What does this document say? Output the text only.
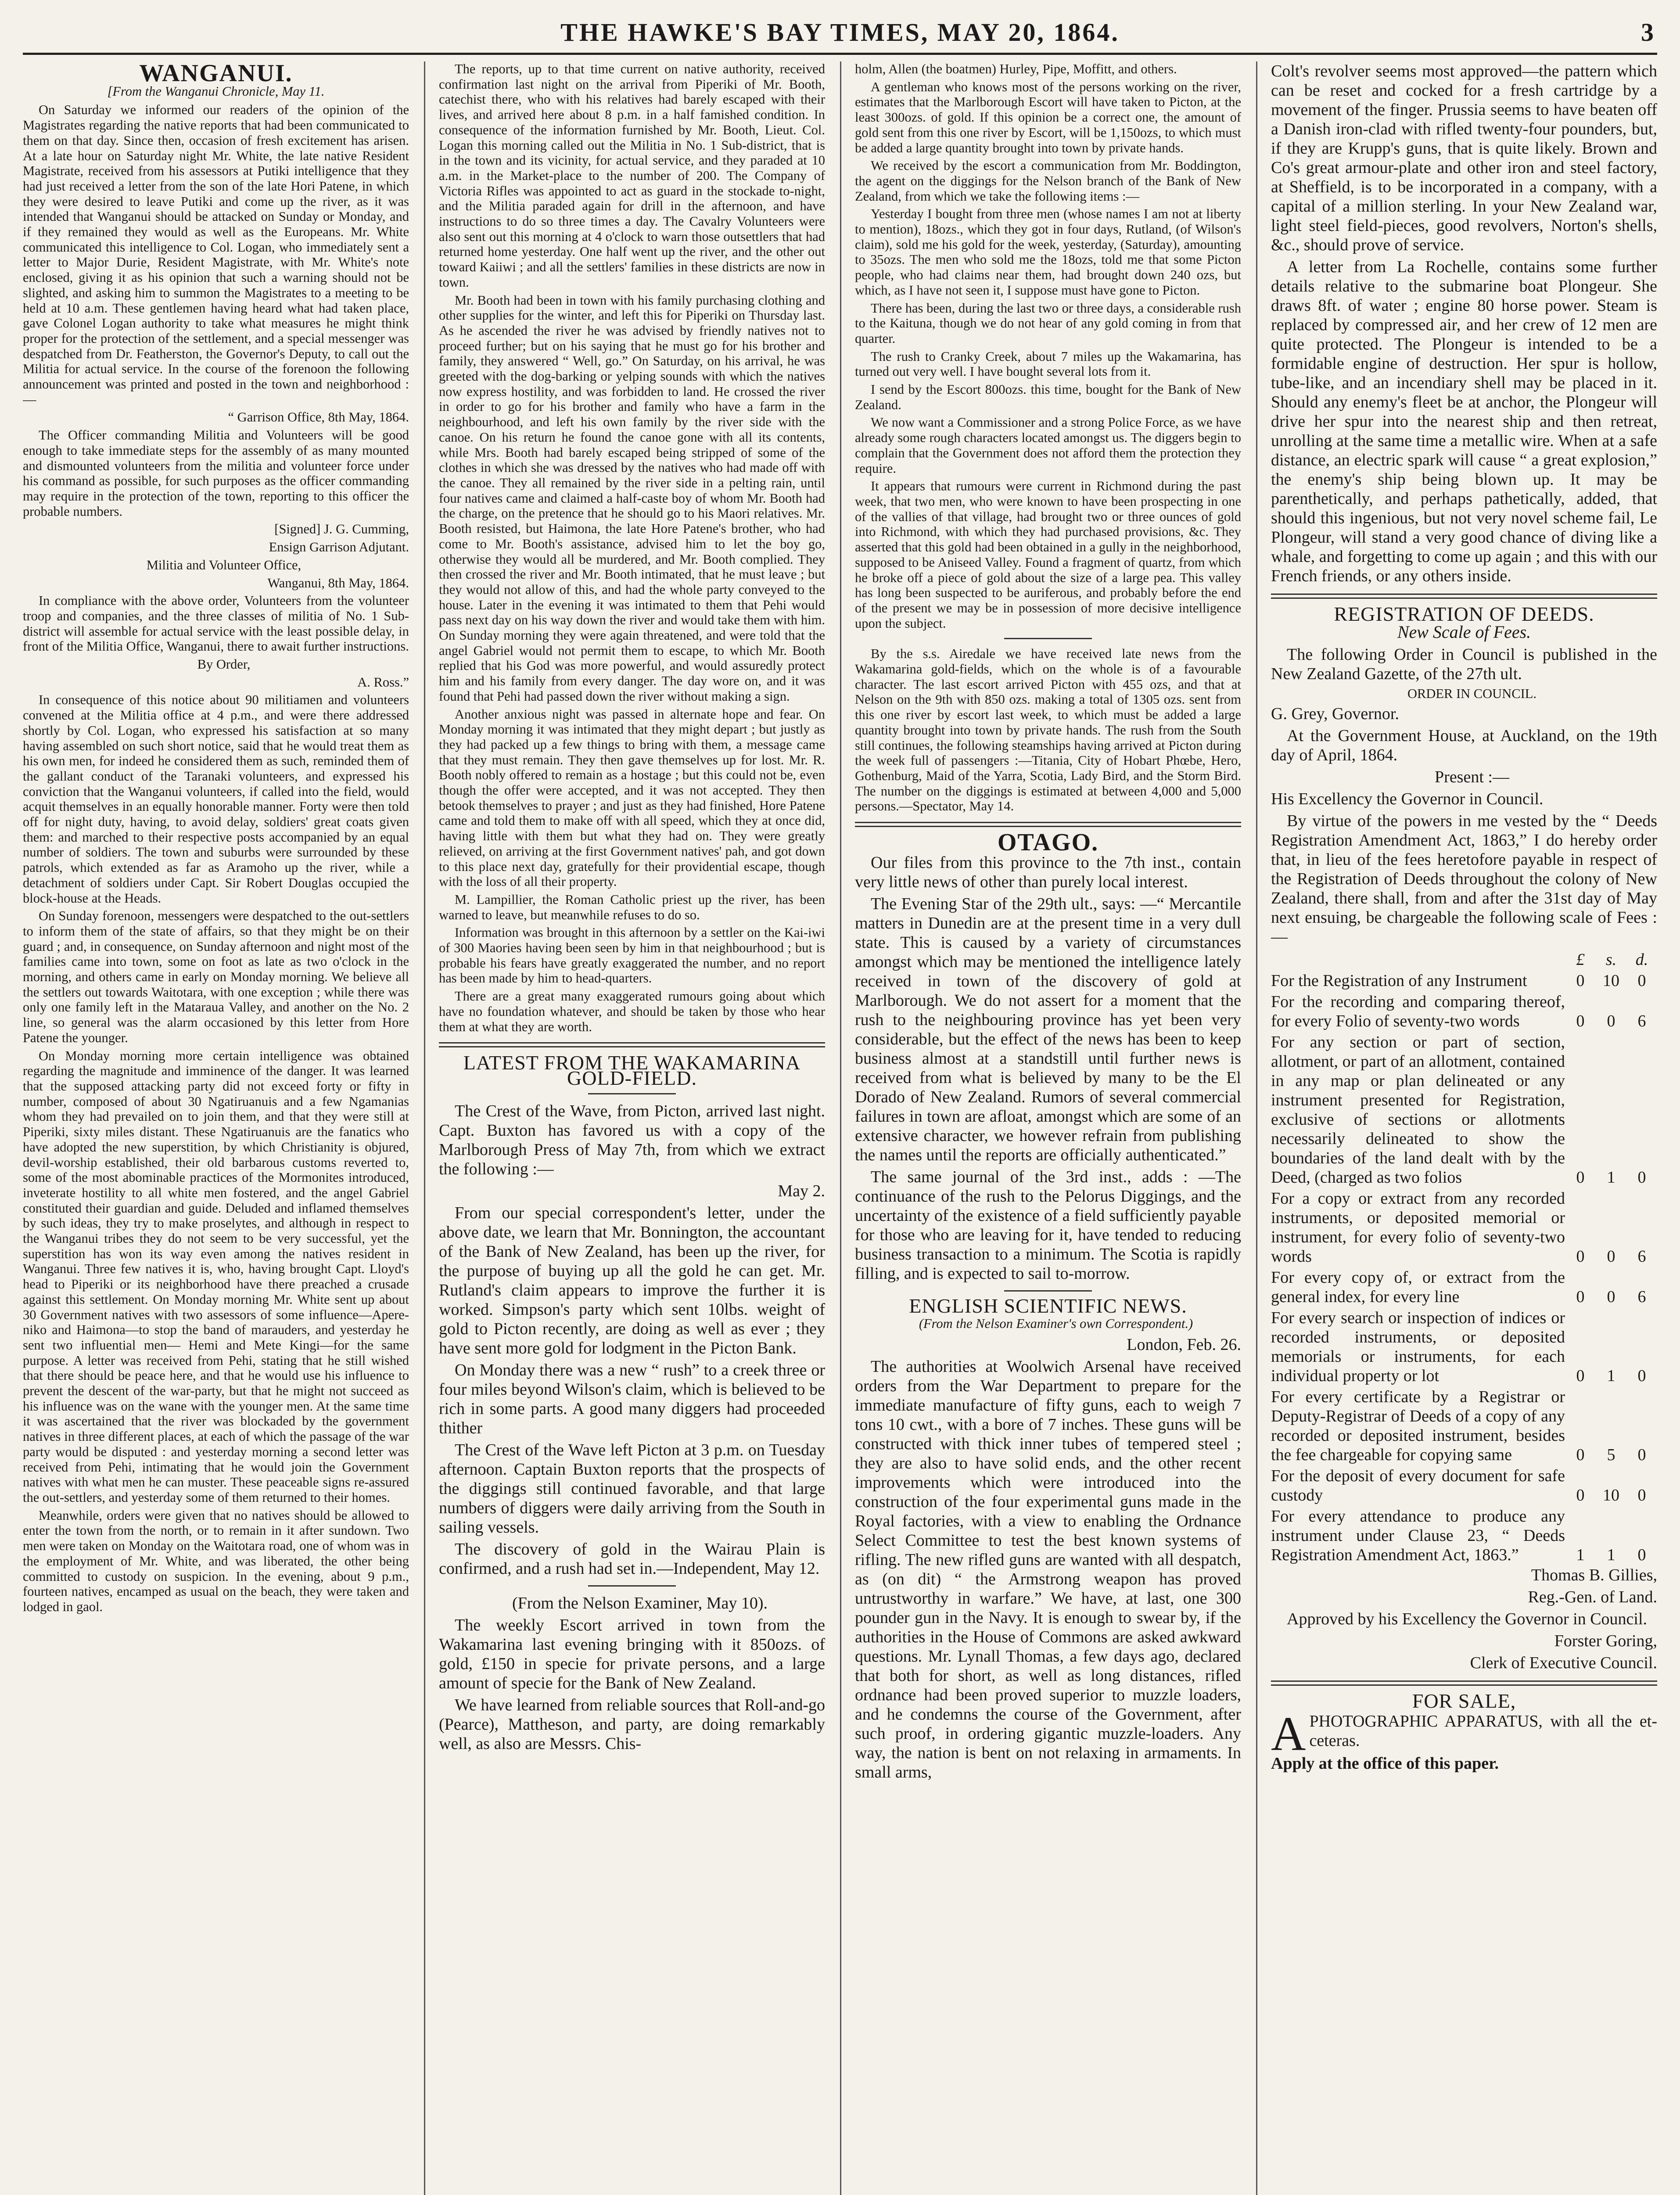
THE HAWKE'S BAY TIMES, MAY 20, 1864.	3
WANGANUI.
[From the Wanganui Chronicle, May 11.

On Saturday we informed our readers of the opinion of the Magistrates regarding the native reports that had been communicated to them on that day. Since then, occasion of fresh excitement has arisen. At a late hour on Saturday night Mr. White, the late native Resident Magistrate, received from his assessors at Putiki intelligence that they had just received a letter from the son of the late Hori Patene, in which they were desired to leave Putiki and come up the river, as it was intended that Wanganui should be attacked on Sunday or Monday, and if they remained they would as well as the Europeans. Mr. White communicated this intelligence to Col. Logan, who immediately sent a letter to Major Durie, Resident Magistrate, with Mr. White's note enclosed, giving it as his opinion that such a warning should not be slighted, and asking him to summon the Magistrates to a meeting to be held at 10 a.m. These gentlemen having heard what had taken place, gave Colonel Logan authority to take what measures he might think proper for the protection of the settlement, and a special messenger was despatched from Dr. Featherston, the Governor's Deputy, to call out the Militia for actual service. In the course of the forenoon the following announcement was printed and posted in the town and neighborhood :—

“ Garrison Office, 8th May, 1864.

The Officer commanding Militia and Volunteers will be good enough to take immediate steps for the assembly of as many mounted and dismounted volunteers from the militia and volunteer force under his command as possible, for such purposes as the officer commanding may require in the protection of the town, reporting to this officer the probable numbers.

[Signed] J. G. Cumming,

Ensign Garrison Adjutant.

Militia and Volunteer Office,

Wanganui, 8th May, 1864.

In compliance with the above order, Volunteers from the volunteer troop and companies, and the three classes of militia of No. 1 Sub-district will assemble for actual service with the least possible delay, in front of the Militia Office, Wanganui, there to await further instructions.

By Order,

A. Ross.”

In consequence of this notice about 90 militiamen and volunteers convened at the Militia office at 4 p.m., and were there addressed shortly by Col. Logan, who expressed his satisfaction at so many having assembled on such short notice, said that he would treat them as his own men, for indeed he considered them as such, reminded them of the gallant conduct of the Taranaki volunteers, and expressed his conviction that the Wanganui volunteers, if called into the field, would acquit themselves in an equally honorable manner. Forty were then told off for night duty, having, to avoid delay, soldiers' great coats given them: and marched to their respective posts accompanied by an equal number of soldiers. The town and suburbs were surrounded by these patrols, which extended as far as Aramoho up the river, while a detachment of soldiers under Capt. Sir Robert Douglas occupied the block-house at the Heads.

On Sunday forenoon, messengers were despatched to the out-settlers to inform them of the state of affairs, so that they might be on their guard ; and, in consequence, on Sunday afternoon and night most of the families came into town, some on foot as late as two o'clock in the morning, and others came in early on Monday morning. We believe all the settlers out towards Waitotara, with one exception ; while there was only one family left in the Mataraua Valley, and another on the No. 2 line, so general was the alarm occasioned by this letter from Hore Patene the younger.

On Monday morning more certain intelligence was obtained regarding the magnitude and imminence of the danger. It was learned that the supposed attacking party did not exceed forty or fifty in number, composed of about 30 Ngatiruanuis and a few Ngamanias whom they had prevailed on to join them, and that they were still at Piperiki, sixty miles distant. These Ngatiruanuis are the fanatics who have adopted the new superstition, by which Christianity is objured, devil-worship established, their old barbarous customs reverted to, some of the most abominable practices of the Mormonites introduced, inveterate hostility to all white men fostered, and the angel Gabriel constituted their guardian and guide. Deluded and inflamed themselves by such ideas, they try to make proselytes, and although in respect to the Wanganui tribes they do not seem to be very successful, yet the superstition has won its way even among the natives resident in Wanganui. Three few natives it is, who, having brought Capt. Lloyd's head to Piperiki or its neighborhood have there preached a crusade against this settlement. On Monday morning Mr. White sent up about 30 Government natives with two assessors of some influence—Apere-niko and Haimona—to stop the band of marauders, and yesterday he sent two influential men— Hemi and Mete Kingi—for the same purpose. A letter was received from Pehi, stating that he still wished that there should be peace here, and that he would use his influence to prevent the descent of the war-party, but that he might not succeed as his influence was on the wane with the younger men. At the same time it was ascertained that the river was blockaded by the government natives in three different places, at each of which the passage of the war party would be disputed : and yesterday morning a second letter was received from Pehi, intimating that he would join the Government natives with what men he can muster. These peaceable signs re-assured the out-settlers, and yesterday some of them returned to their homes.

Meanwhile, orders were given that no natives should be allowed to enter the town from the north, or to remain in it after sundown. Two men were taken on Monday on the Waitotara road, one of whom was in the employment of Mr. White, and was liberated, the other being committed to custody on suspicion. In the evening, about 9 p.m., fourteen natives, encamped as usual on the beach, they were taken and lodged in gaol.

The reports, up to that time current on native authority, received confirmation last night on the arrival from Piperiki of Mr. Booth, catechist there, who with his relatives had barely escaped with their lives, and arrived here about 8 p.m. in a half famished condition. In consequence of the information furnished by Mr. Booth, Lieut. Col. Logan this morning called out the Militia in No. 1 Sub-district, that is in the town and its vicinity, for actual service, and they paraded at 10 a.m. in the Market-place to the number of 200. The Company of Victoria Rifles was appointed to act as guard in the stockade to-night, and the Militia paraded again for drill in the afternoon, and have instructions to do so three times a day. The Cavalry Volunteers were also sent out this morning at 4 o'clock to warn those outsettlers that had returned home yesterday. One half went up the river, and the other out toward Kaiiwi ; and all the settlers' families in these districts are now in town.

Mr. Booth had been in town with his family purchasing clothing and other supplies for the winter, and left this for Piperiki on Thursday last. As he ascended the river he was advised by friendly natives not to proceed further; but on his saying that he must go for his brother and family, they answered “ Well, go.” On Saturday, on his arrival, he was greeted with the dog-barking or yelping sounds with which the natives now express hostility, and was forbidden to land. He crossed the river in order to go for his brother and family who have a farm in the neighbourhood, and left his own family by the river side with the canoe. On his return he found the canoe gone with all its contents, while Mrs. Booth had barely escaped being stripped of some of the clothes in which she was dressed by the natives who had made off with the canoe. They all remained by the river side in a pelting rain, until four natives came and claimed a half-caste boy of whom Mr. Booth had the charge, on the pretence that he should go to his Maori relatives. Mr. Booth resisted, but Haimona, the late Hore Patene's brother, who had come to Mr. Booth's assistance, advised him to let the boy go, otherwise they would all be murdered, and Mr. Booth complied. They then crossed the river and Mr. Booth intimated, that he must leave ; but they would not allow of this, and had the whole party conveyed to the house. Later in the evening it was intimated to them that Pehi would pass next day on his way down the river and would take them with him. On Sunday morning they were again threatened, and were told that the angel Gabriel would not permit them to escape, to which Mr. Booth replied that his God was more powerful, and would assuredly protect him and his family from every danger. The day wore on, and it was found that Pehi had passed down the river without making a sign.

Another anxious night was passed in alternate hope and fear. On Monday morning it was intimated that they might depart ; but justly as they had packed up a few things to bring with them, a message came that they must remain. They then gave themselves up for lost. Mr. R. Booth nobly offered to remain as a hostage ; but this could not be, even though the offer were accepted, and it was not accepted. They then betook themselves to prayer ; and just as they had finished, Hore Patene came and told them to make off with all speed, which they at once did, having little with them but what they had on. They were greatly relieved, on arriving at the first Government natives' pah, and got down to this place next day, gratefully for their providential escape, though with the loss of all their property.

M. Lampillier, the Roman Catholic priest up the river, has been warned to leave, but meanwhile refuses to do so.

Information was brought in this afternoon by a settler on the Kai-iwi of 300 Maories having been seen by him in that neighbourhood ; but is probable his fears have greatly exaggerated the number, and no report has been made by him to head-quarters.

There are a great many exaggerated rumours going about which have no foundation whatever, and should be taken by those who hear them at what they are worth.

LATEST FROM THE WAKAMARINA GOLD-FIELD.

The Crest of the Wave, from Picton, arrived last night. Capt. Buxton has favored us with a copy of the Marlborough Press of May 7th, from which we extract the following :—

May 2.

From our special correspondent's letter, under the above date, we learn that Mr. Bonnington, the accountant of the Bank of New Zealand, has been up the river, for the purpose of buying up all the gold he can get. Mr. Rutland's claim appears to improve the further it is worked. Simpson's party which sent 10lbs. weight of gold to Picton recently, are doing as well as ever ; they have sent more gold for lodgment in the Picton Bank.

On Monday there was a new “ rush” to a creek three or four miles beyond Wilson's claim, which is believed to be rich in some parts. A good many diggers had proceeded thither

The Crest of the Wave left Picton at 3 p.m. on Tuesday afternoon. Captain Buxton reports that the prospects of the diggings still continued favorable, and that large numbers of diggers were daily arriving from the South in sailing vessels.

The discovery of gold in the Wairau Plain is confirmed, and a rush had set in.—Independent, May 12.

(From the Nelson Examiner, May 10).

The weekly Escort arrived in town from the Wakamarina last evening bringing with it 850ozs. of gold, £150 in specie for private persons, and a large amount of specie for the Bank of New Zealand.

We have learned from reliable sources that Roll-and-go (Pearce), Mattheson, and party, are doing remarkably well, as also are Messrs. Chis-

holm, Allen (the boatmen) Hurley, Pipe, Moffitt, and others.

A gentleman who knows most of the persons working on the river, estimates that the Marlborough Escort will have taken to Picton, at the least 300ozs. of gold. If this opinion be a correct one, the amount of gold sent from this one river by Escort, will be 1,150ozs, to which must be added a large quantity brought into town by private hands.

We received by the escort a communication from Mr. Boddington, the agent on the diggings for the Nelson branch of the Bank of New Zealand, from which we take the following items :—

Yesterday I bought from three men (whose names I am not at liberty to mention), 18ozs., which they got in four days, Rutland, (of Wilson's claim), sold me his gold for the week, yesterday, (Saturday), amounting to 35ozs. The men who sold me the 18ozs, told me that some Picton people, who had claims near them, had brought down 240 ozs, but which, as I have not seen it, I suppose must have gone to Picton.

There has been, during the last two or three days, a considerable rush to the Kaituna, though we do not hear of any gold coming in from that quarter.

The rush to Cranky Creek, about 7 miles up the Wakamarina, has turned out very well. I have bought several lots from it.

I send by the Escort 800ozs. this time, bought for the Bank of New Zealand.

We now want a Commissioner and a strong Police Force, as we have already some rough characters located amongst us. The diggers begin to complain that the Government does not afford them the protection they require.

It appears that rumours were current in Richmond during the past week, that two men, who were known to have been prospecting in one of the vallies of that village, had brought two or three ounces of gold into Richmond, with which they had purchased provisions, &c. They asserted that this gold had been obtained in a gully in the neighborhood, supposed to be Aniseed Valley. Found a fragment of quartz, from which he broke off a piece of gold about the size of a large pea. This valley has long been suspected to be auriferous, and probably before the end of the present we may be in possession of more decisive intelligence upon the subject.

By the s.s. Airedale we have received late news from the Wakamarina gold-fields, which on the whole is of a favourable character. The last escort arrived Picton with 455 ozs, and that at Nelson on the 9th with 850 ozs. making a total of 1305 ozs. sent from this one river by escort last week, to which must be added a large quantity brought into town by private hands. The rush from the South still continues, the following steamships having arrived at Picton during the week full of passengers :—Titania, City of Hobart Phœbe, Hero, Gothenburg, Maid of the Yarra, Scotia, Lady Bird, and the Storm Bird. The number on the diggings is estimated at between 4,000 and 5,000 persons.—Spectator, May 14.

OTAGO.

Our files from this province to the 7th inst., contain very little news of other than purely local interest.

The Evening Star of the 29th ult., says: —“ Mercantile matters in Dunedin are at the present time in a very dull state. This is caused by a variety of circumstances amongst which may be mentioned the intelligence lately received in town of the discovery of gold at Marlborough. We do not assert for a moment that the rush to the neighbouring province has yet been very considerable, but the effect of the news has been to keep business almost at a standstill until further news is received from what is believed by many to be the El Dorado of New Zealand. Rumors of several commercial failures in town are afloat, amongst which are some of an extensive character, we however refrain from publishing the names until the reports are officially authenticated.”

The same journal of the 3rd inst., adds : —The continuance of the rush to the Pelorus Diggings, and the uncertainty of the existence of a field sufficiently payable for those who are leaving for it, have tended to reducing business transaction to a minimum. The Scotia is rapidly filling, and is expected to sail to-morrow.

ENGLISH SCIENTIFIC NEWS.

(From the Nelson Examiner's own Correspondent.)

London, Feb. 26.

The authorities at Woolwich Arsenal have received orders from the War Department to prepare for the immediate manufacture of fifty guns, each to weigh 7 tons 10 cwt., with a bore of 7 inches. These guns will be constructed with thick inner tubes of tempered steel ; they are also to have solid ends, and the other recent improvements which were introduced into the construction of the four experimental guns made in the Royal factories, with a view to enabling the Ordnance Select Committee to test the best known systems of rifling. The new rifled guns are wanted with all despatch, as (on dit) “ the Armstrong weapon has proved untrustworthy in warfare.” We have, at last, one 300 pounder gun in the Navy. It is enough to swear by, if the authorities in the House of Commons are asked awkward questions. Mr. Lynall Thomas, a few days ago, declared that both for short, as well as long distances, rifled ordnance had been proved superior to muzzle loaders, and he condemns the course of the Government, after such proof, in ordering gigantic muzzle-loaders. Any way, the nation is bent on not relaxing in armaments. In small arms,

Colt's revolver seems most approved—the pattern which can be reset and cocked for a fresh cartridge by a movement of the finger. Prussia seems to have beaten off a Danish iron-clad with rifled twenty-four pounders, but, if they are Krupp's guns, that is quite likely. Brown and Co's great armour-plate and other iron and steel factory, at Sheffield, is to be incorporated in a company, with a capital of a million sterling. In your New Zealand war, light steel field-pieces, good revolvers, Norton's shells, &c., should prove of service.

A letter from La Rochelle, contains some further details relative to the submarine boat Plongeur. She draws 8ft. of water ; engine 80 horse power. Steam is replaced by compressed air, and her crew of 12 men are quite protected. The Plongeur is intended to be a formidable engine of destruction. Her spur is hollow, tube-like, and an incendiary shell may be placed in it. Should any enemy's fleet be at anchor, the Plongeur will drive her spur into the nearest ship and then retreat, unrolling at the same time a metallic wire. When at a safe distance, an electric spark will cause “ a great explosion,” the enemy's ship being blown up. It may be parenthetically, and perhaps pathetically, added, that should this ingenious, but not very novel scheme fail, Le Plongeur, will stand a very good chance of diving like a whale, and forgetting to come up again ; and this with our French friends, or any others inside.

REGISTRATION OF DEEDS.
New Scale of Fees.

The following Order in Council is published in the New Zealand Gazette, of the 27th ult.

ORDER IN COUNCIL.

G. Grey, Governor.

At the Government House, at Auckland, on the 19th day of April, 1864.

Present :—

His Excellency the Governor in Council.

By virtue of the powers in me vested by the “ Deeds Registration Amendment Act, 1863,” I do hereby order that, in lieu of the fees heretofore payable in respect of the Registration of Deeds throughout the colony of New Zealand, there shall, from and after the 31st day of May next ensuing, be chargeable the following scale of Fees :—

	£	s.	d.
For the Registration of any Instrument	0	10	0
For the recording and comparing thereof, for every Folio of seventy-two words	0	0	6
For any section or part of section, allotment, or part of an allotment, contained in any map or plan delineated or any instrument presented for Registration, exclusive of sections or allotments necessarily delineated to show the boundaries of the land dealt with by the Deed, (charged as two folios	0	1	0
For a copy or extract from any recorded instruments, or deposited memorial or instrument, for every folio of seventy-two words	0	0	6
For every copy of, or extract from the general index, for every line	0	0	6
For every search or inspection of indices or recorded instruments, or deposited memorials or instruments, for each individual property or lot	0	1	0
For every certificate by a Registrar or Deputy-Registrar of Deeds of a copy of any recorded or deposited instrument, besides the fee chargeable for copying same	0	5	0
For the deposit of every document for safe custody	0	10	0
For every attendance to produce any instrument under Clause 23, “ Deeds Registration Amendment Act, 1863.”	1	1	0

Thomas B. Gillies,

Reg.-Gen. of Land.

Approved by his Excellency the Governor in Council.

Forster Goring,

Clerk of Executive Council.

FOR SALE,
A PHOTOGRAPHIC APPARATUS, with all the et-ceteras.
Apply at the office of this paper.
